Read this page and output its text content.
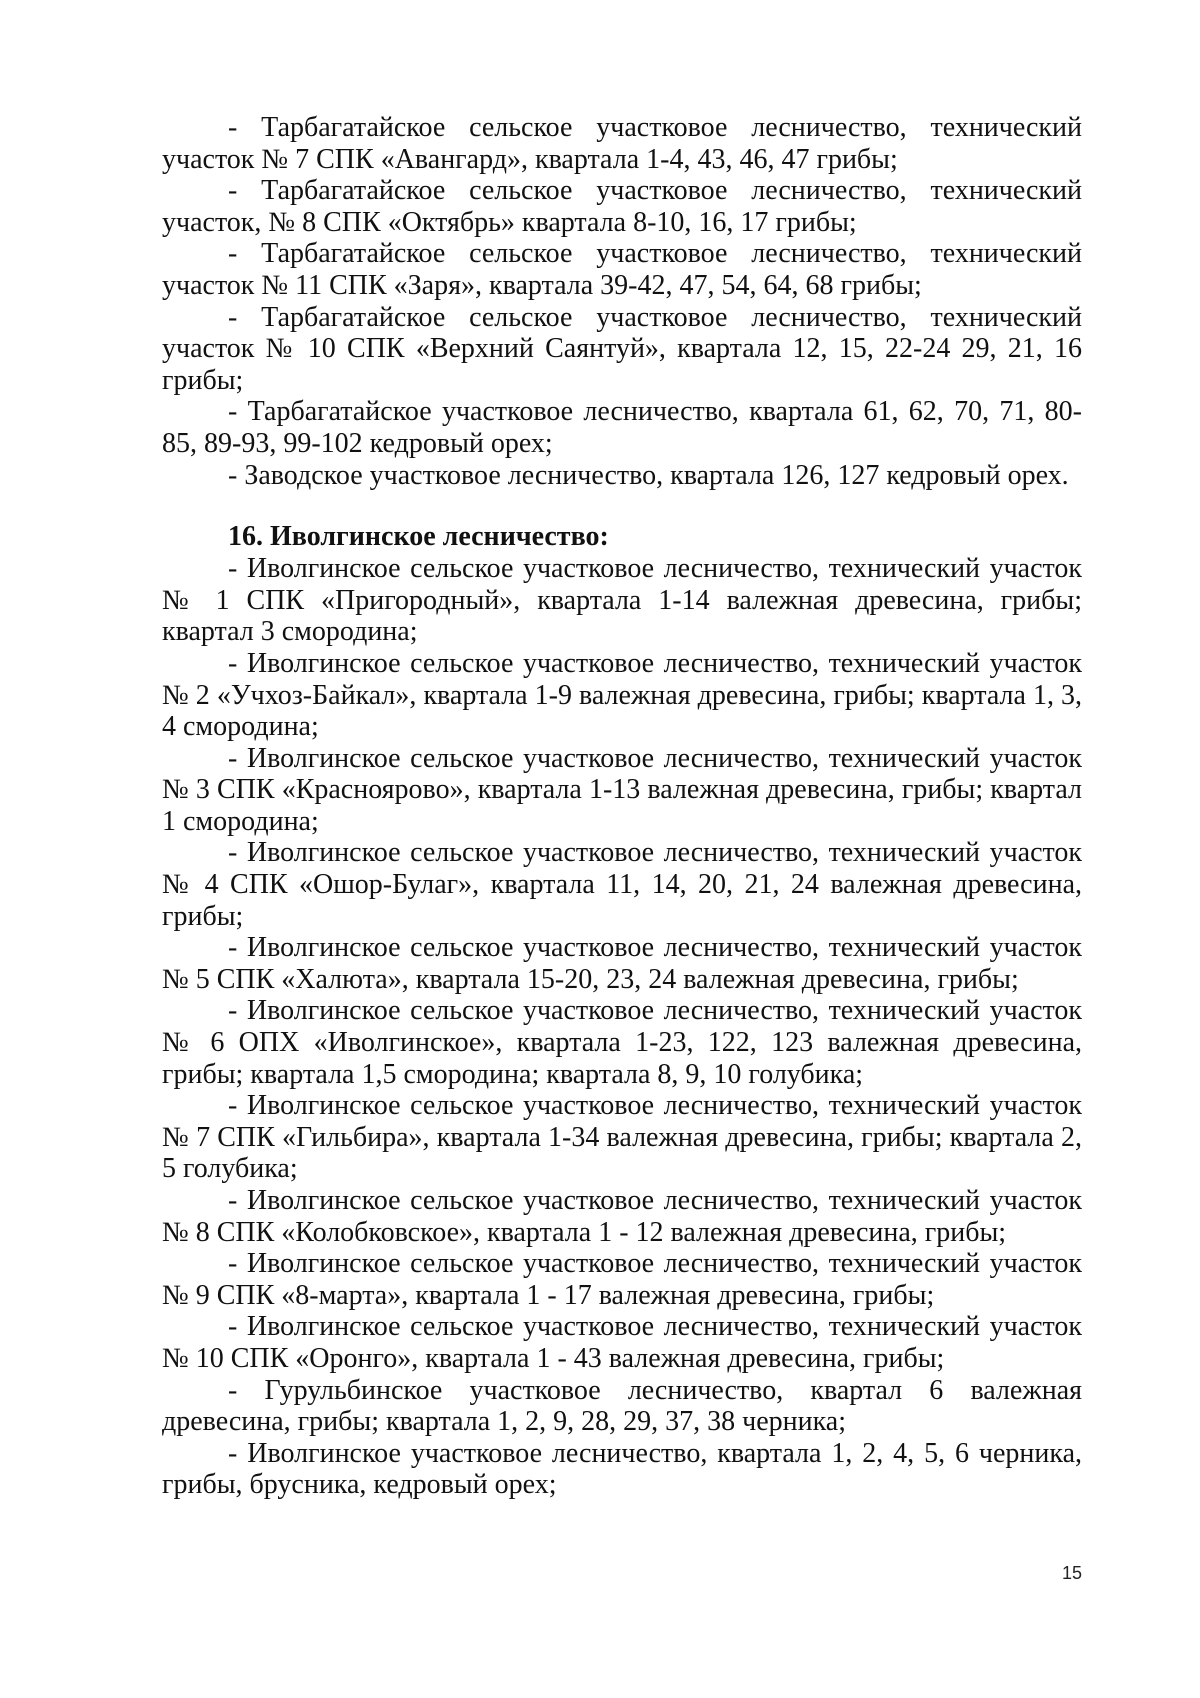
- Тарбагатайское сельское участковое лесничество, технический участок № 7 СПК «Авангард», квартала 1-4, 43, 46, 47 грибы;

- Тарбагатайское сельское участковое лесничество, технический участок, № 8 СПК «Октябрь» квартала 8-10, 16, 17 грибы;

- Тарбагатайское сельское участковое лесничество, технический участок № 11 СПК «Заря», квартала 39-42, 47, 54, 64, 68 грибы;

- Тарбагатайское сельское участковое лесничество, технический участок № 10 СПК «Верхний Саянтуй», квартала 12, 15, 22-24 29, 21, 16 грибы;

- Тарбагатайское участковое лесничество, квартала 61, 62, 70, 71, 80-85, 89-93, 99-102 кедровый орех;

- Заводское участковое лесничество, квартала 126, 127 кедровый орех.

16. Иволгинское лесничество:

- Иволгинское сельское участковое лесничество, технический участок № 1 СПК «Пригородный», квартала 1-14 валежная древесина, грибы; квартал 3 смородина;

- Иволгинское сельское участковое лесничество, технический участок № 2 «Учхоз-Байкал», квартала 1-9 валежная древесина, грибы; квартала 1, 3, 4 смородина;

- Иволгинское сельское участковое лесничество, технический участок № 3 СПК «Красноярово», квартала 1-13 валежная древесина, грибы; квартал 1 смородина;

- Иволгинское сельское участковое лесничество, технический участок № 4 СПК «Ошор-Булаг», квартала 11, 14, 20, 21, 24 валежная древесина, грибы;

- Иволгинское сельское участковое лесничество, технический участок № 5 СПК «Халюта», квартала 15-20, 23, 24 валежная древесина, грибы;

- Иволгинское сельское участковое лесничество, технический участок № 6 ОПХ «Иволгинское», квартала 1-23, 122, 123 валежная древесина, грибы; квартала 1,5 смородина; квартала 8, 9, 10 голубика;

- Иволгинское сельское участковое лесничество, технический участок № 7 СПК «Гильбира», квартала 1-34 валежная древесина, грибы; квартала 2, 5 голубика;

- Иволгинское сельское участковое лесничество, технический участок № 8 СПК «Колобковское», квартала 1 - 12 валежная древесина, грибы;

- Иволгинское сельское участковое лесничество, технический участок № 9 СПК «8-марта», квартала 1 - 17 валежная древесина, грибы;

- Иволгинское сельское участковое лесничество, технический участок № 10 СПК «Оронго», квартала 1 - 43 валежная древесина, грибы;

- Гурульбинское участковое лесничество, квартал 6 валежная древесина, грибы; квартала 1, 2, 9, 28, 29, 37, 38 черника;

- Иволгинское участковое лесничество, квартала 1, 2, 4, 5, 6 черника, грибы, брусника, кедровый орех;

15
